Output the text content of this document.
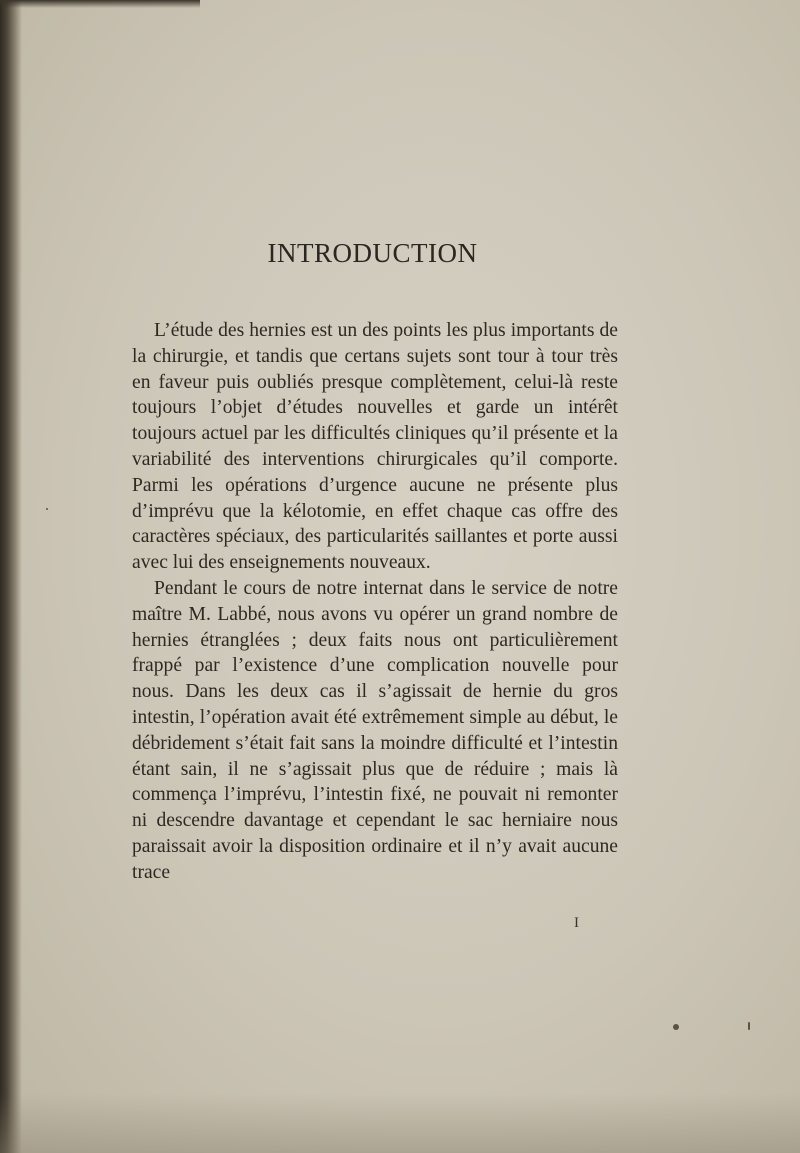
INTRODUCTION

L’étude des hernies est un des points les plus importants de la chirurgie, et tandis que certans sujets sont tour à tour très en faveur puis oubliés presque complètement, celui-là reste toujours l’objet d’études nouvelles et garde un intérêt toujours actuel par les difficultés cliniques qu’il présente et la variabilité des interventions chirurgicales qu’il comporte. Parmi les opérations d’urgence aucune ne présente plus d’imprévu que la kélotomie, en effet chaque cas offre des caractères spéciaux, des particularités saillantes et porte aussi avec lui des enseignements nouveaux.

Pendant le cours de notre internat dans le service de notre maître M. Labbé, nous avons vu opérer un grand nombre de hernies étranglées ; deux faits nous ont particulièrement frappé par l’existence d’une complication nouvelle pour nous. Dans les deux cas il s’agissait de hernie du gros intestin, l’opération avait été extrêmement simple au début, le débridement s’était fait sans la moindre difficulté et l’intestin étant sain, il ne s’agissait plus que de réduire ; mais là commença l’imprévu, l’intestin fixé, ne pouvait ni remonter ni descendre davantage et cependant le sac herniaire nous paraissait avoir la disposition ordinaire et il n’y avait aucune trace

I
